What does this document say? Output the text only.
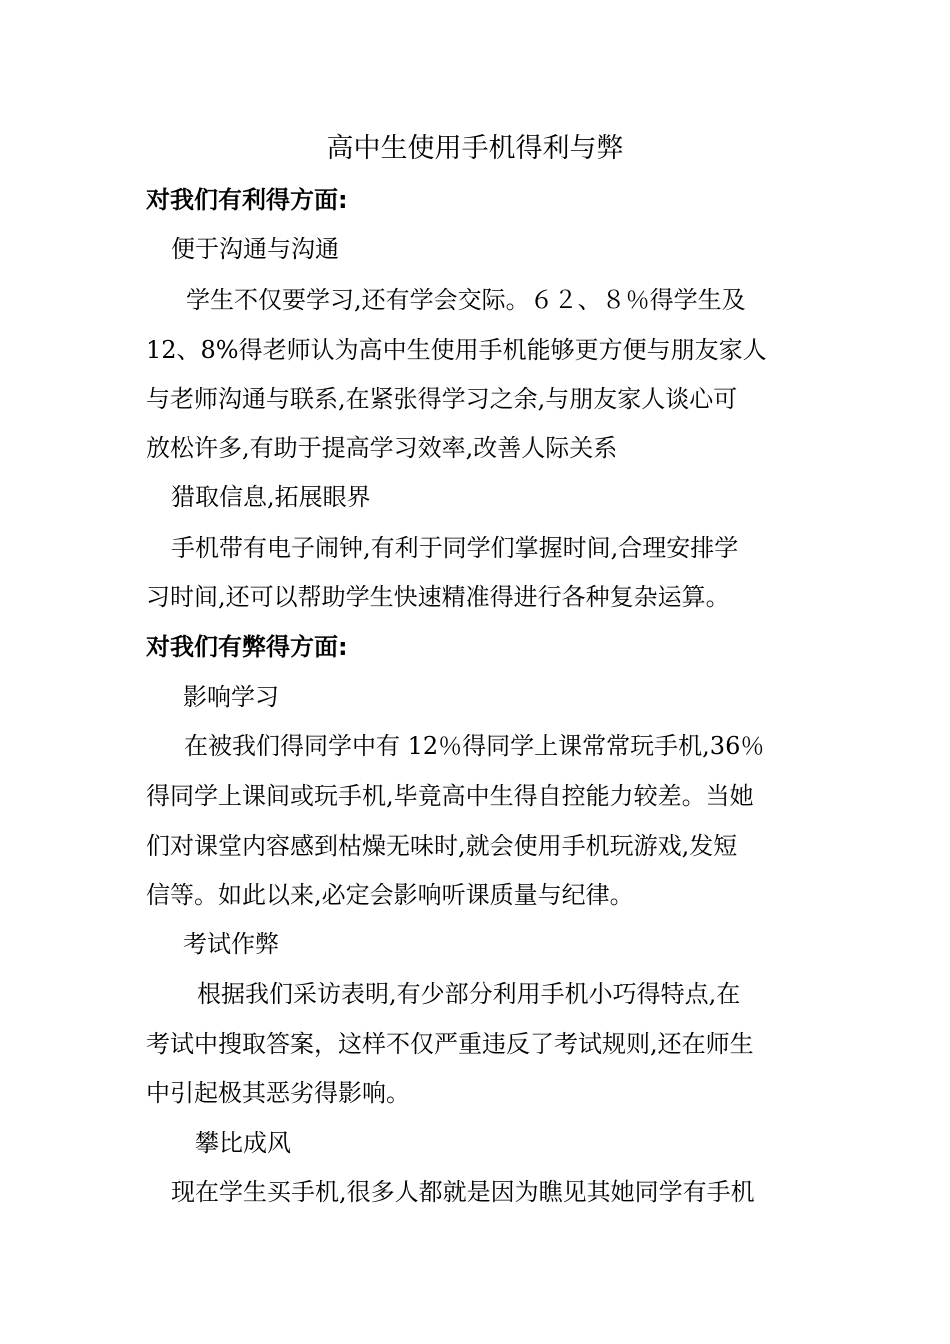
高中生使用手机得利与弊
对我们有利得方面:
便于沟通与沟通
学生不仅要学习,还有学会交际。６２、８％得学生及
12、8%得老师认为高中生使用手机能够更方便与朋友家人
与老师沟通与联系,在紧张得学习之余,与朋友家人谈心可
放松许多,有助于提高学习效率,改善人际关系
猎取信息,拓展眼界
手机带有电子闹钟,有利于同学们掌握时间,合理安排学
习时间,还可以帮助学生快速精准得进行各种复杂运算。
对我们有弊得方面:
影响学习
在被我们得同学中有 12％得同学上课常常玩手机,36％
得同学上课间或玩手机,毕竟高中生得自控能力较差。当她
们对课堂内容感到枯燥无味时,就会使用手机玩游戏,发短
信等。如此以来,必定会影响听课质量与纪律。
考试作弊
根据我们采访表明,有少部分利用手机小巧得特点,在
考试中搜取答案，这样不仅严重违反了考试规则,还在师生
中引起极其恶劣得影响。
攀比成风
现在学生买手机,很多人都就是因为瞧见其她同学有手机
